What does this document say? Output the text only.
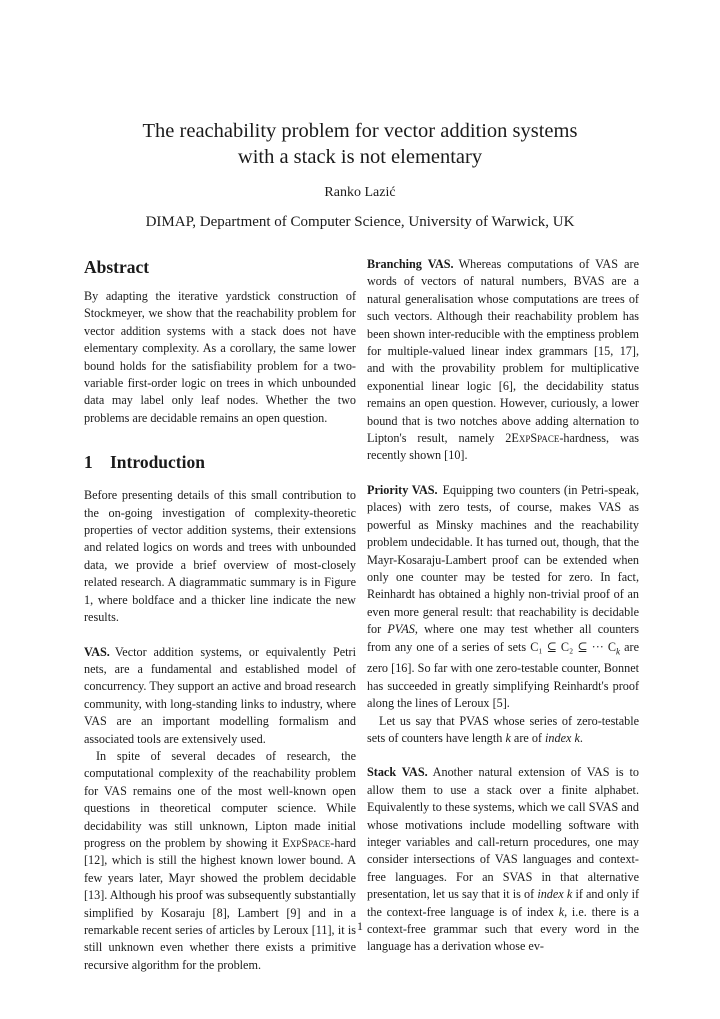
The reachability problem for vector addition systems
with a stack is not elementary
Ranko Lazić
DIMAP, Department of Computer Science, University of Warwick, UK
Abstract

By adapting the iterative yardstick construction of Stockmeyer, we show that the reachability problem for vector addition systems with a stack does not have elementary complexity. As a corollary, the same lower bound holds for the satisfiability problem for a two-variable first-order logic on trees in which unbounded data may label only leaf nodes. Whether the two problems are decidable remains an open question.

1 Introduction

Before presenting details of this small contribution to the on-going investigation of complexity-theoretic properties of vector addition systems, their extensions and related logics on words and trees with unbounded data, we provide a brief overview of most-closely related research. A diagrammatic summary is in Figure 1, where boldface and a thicker line indicate the new results.

VAS. Vector addition systems, or equivalently Petri nets, are a fundamental and established model of concurrency. They support an active and broad research community, with long-standing links to industry, where VAS are an important modelling formalism and associated tools are extensively used.

In spite of several decades of research, the computational complexity of the reachability problem for VAS remains one of the most well-known open questions in theoretical computer science. While decidability was still unknown, Lipton made initial progress on the problem by showing it ExpSpace-hard [12], which is still the highest known lower bound. A few years later, Mayr showed the problem decidable [13]. Although his proof was subsequently substantially simplified by Kosaraju [8], Lambert [9] and in a remarkable recent series of articles by Leroux [11], it is still unknown even whether there exists a primitive recursive algorithm for the problem.

Branching VAS. Whereas computations of VAS are words of vectors of natural numbers, BVAS are a natural generalisation whose computations are trees of such vectors. Although their reachability problem has been shown inter-reducible with the emptiness problem for multiple-valued linear index grammars [15, 17], and with the provability problem for multiplicative exponential linear logic [6], the decidability status remains an open question. However, curiously, a lower bound that is two notches above adding alternation to Lipton's result, namely 2ExpSpace-hardness, was recently shown [10].

Priority VAS. Equipping two counters (in Petri-speak, places) with zero tests, of course, makes VAS as powerful as Minsky machines and the reachability problem undecidable. It has turned out, though, that the Mayr-Kosaraju-Lambert proof can be extended when only one counter may be tested for zero. In fact, Reinhardt has obtained a highly non-trivial proof of an even more general result: that reachability is decidable for PVAS, where one may test whether all counters from any one of a series of sets C₁ ⊆ C₂ ⊆ ··· $C_k$ are zero [16]. So far with one zero-testable counter, Bonnet has succeeded in greatly simplifying Reinhardt's proof along the lines of Leroux [5].

Let us say that PVAS whose series of zero-testable sets of counters have length k are of index k.

Stack VAS. Another natural extension of VAS is to allow them to use a stack over a finite alphabet. Equivalently to these systems, which we call SVAS and whose motivations include modelling software with integer variables and call-return procedures, one may consider intersections of VAS languages and context-free languages. For an SVAS in that alternative presentation, let us say that it is of index k if and only if the context-free language is of index k, i.e. there is a context-free grammar such that every word in the language has a derivation whose ev-

1
